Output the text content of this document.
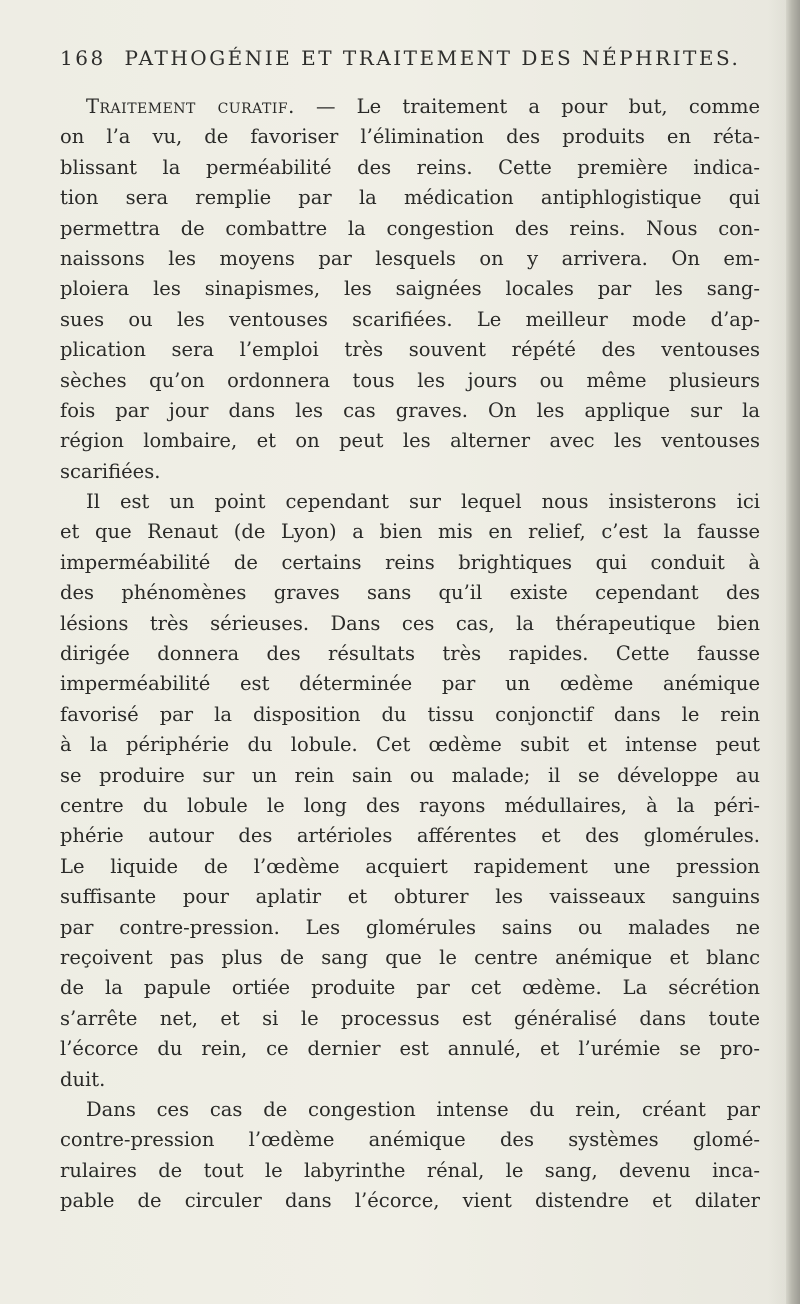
168 PATHOGÉNIE ET TRAITEMENT DES NÉPHRITES.
Traitement curatif. — Le traitement a pour but, comme
on l’a vu, de favoriser l’élimination des produits en réta-
blissant la perméabilité des reins. Cette première indica-
tion sera remplie par la médication antiphlogistique qui
permettra de combattre la congestion des reins. Nous con-
naissons les moyens par lesquels on y arrivera. On em-
ploiera les sinapismes, les saignées locales par les sang-
sues ou les ventouses scarifiées. Le meilleur mode d’ap-
plication sera l’emploi très souvent répété des ventouses
sèches qu’on ordonnera tous les jours ou même plusieurs
fois par jour dans les cas graves. On les applique sur la
région lombaire, et on peut les alterner avec les ventouses
scarifiées.
Il est un point cependant sur lequel nous insisterons ici
et que Renaut (de Lyon) a bien mis en relief, c’est la fausse
imperméabilité de certains reins brightiques qui conduit à
des phénomènes graves sans qu’il existe cependant des
lésions très sérieuses. Dans ces cas, la thérapeutique bien
dirigée donnera des résultats très rapides. Cette fausse
imperméabilité est déterminée par un œdème anémique
favorisé par la disposition du tissu conjonctif dans le rein
à la périphérie du lobule. Cet œdème subit et intense peut
se produire sur un rein sain ou malade; il se développe au
centre du lobule le long des rayons médullaires, à la péri-
phérie autour des artérioles afférentes et des glomérules.
Le liquide de l’œdème acquiert rapidement une pression
suffisante pour aplatir et obturer les vaisseaux sanguins
par contre-pression. Les glomérules sains ou malades ne
reçoivent pas plus de sang que le centre anémique et blanc
de la papule ortiée produite par cet œdème. La sécrétion
s’arrête net, et si le processus est généralisé dans toute
l’écorce du rein, ce dernier est annulé, et l’urémie se pro-
duit.
Dans ces cas de congestion intense du rein, créant par
contre-pression l’œdème anémique des systèmes glomé-
rulaires de tout le labyrinthe rénal, le sang, devenu inca-
pable de circuler dans l’écorce, vient distendre et dilater
